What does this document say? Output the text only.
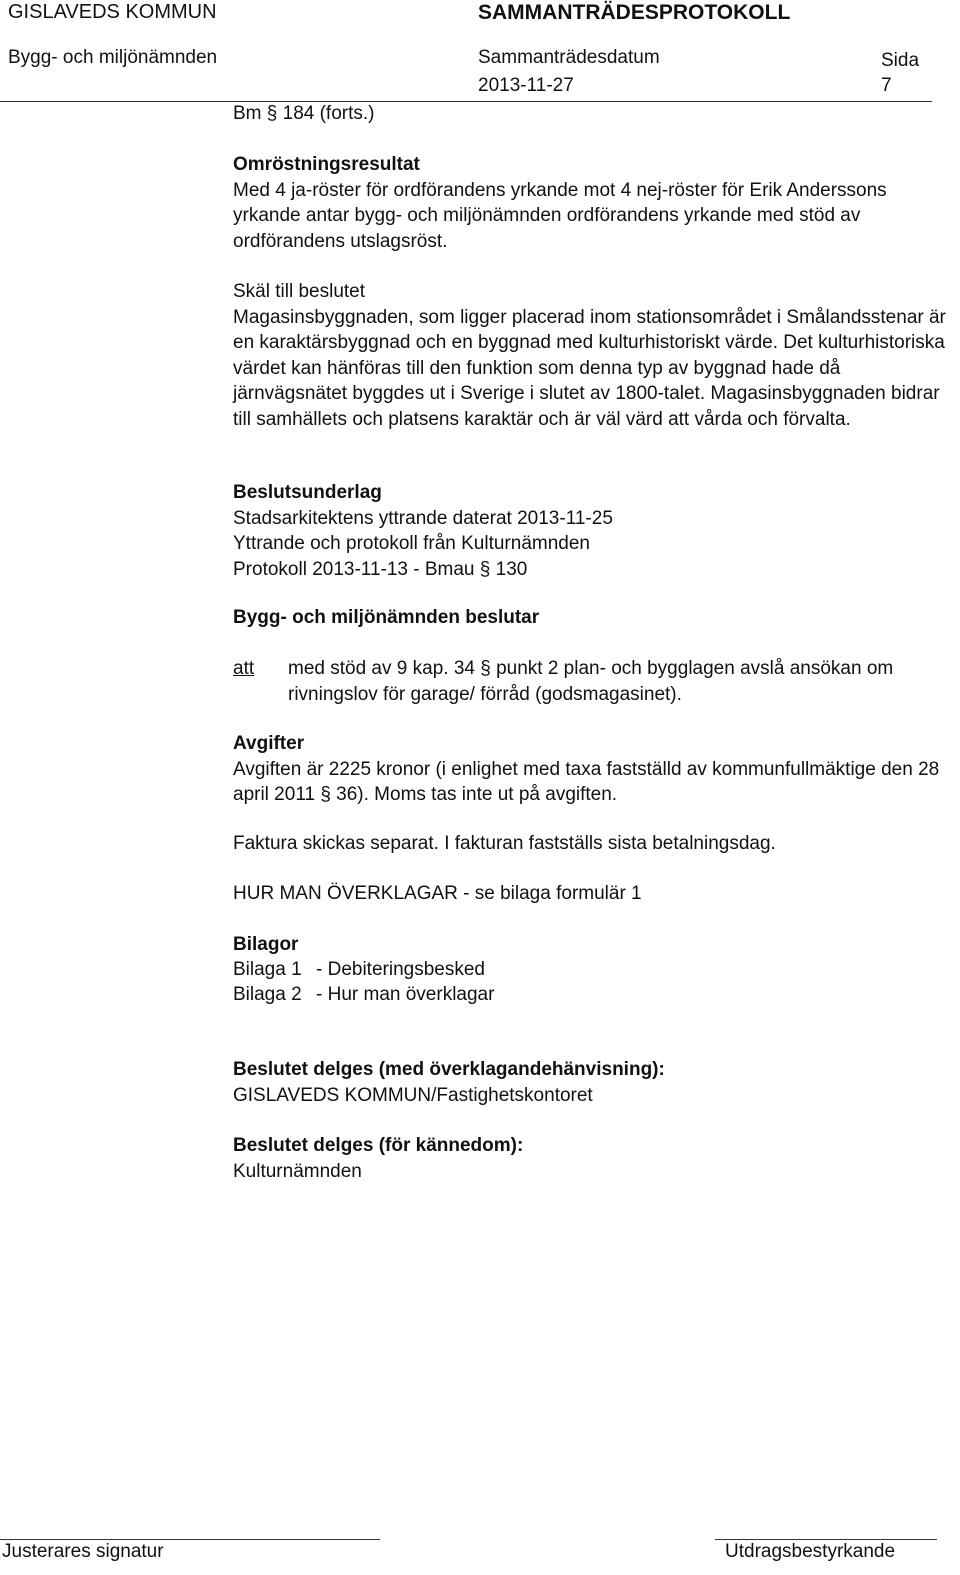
GISLAVEDS KOMMUN	SAMMANTRÄDESPROTOKOLL
Bygg- och miljönämnden	Sammanträdesdatum
2013-11-27
Sida
7
Bm § 184 (forts.)

Omröstningsresultat

Med 4 ja-röster för ordförandens yrkande mot 4 nej-röster för Erik Anderssons yrkande antar bygg- och miljönämnden ordförandens yrkande med stöd av ordförandens utslagsröst.

Skäl till beslutet

Magasinsbyggnaden, som ligger placerad inom stationsområdet i Smålandsstenar är en karaktärsbyggnad och en byggnad med kulturhistoriskt värde. Det kulturhistoriska värdet kan hänföras till den funktion som denna typ av byggnad hade då järnvägsnätet byggdes ut i Sverige i slutet av 1800-talet. Magasinsbyggnaden bidrar till samhällets och platsens karaktär och är väl värd att vårda och förvalta.

Beslutsunderlag

Stadsarkitektens yttrande daterat 2013-11-25

Yttrande och protokoll från Kulturnämnden

Protokoll 2013-11-13 - Bmau § 130

Bygg- och miljönämnden beslutar

att med stöd av 9 kap. 34 § punkt 2 plan- och bygglagen avslå ansökan om rivningslov för garage/ förråd (godsmagasinet).

Avgifter

Avgiften är 2225 kronor (i enlighet med taxa fastställd av kommunfullmäktige den 28 april 2011 § 36). Moms tas inte ut på avgiften.

Faktura skickas separat. I fakturan fastställs sista betalningsdag.
HUR MAN ÖVERKLAGAR - se bilaga formulär 1

Bilagor

Bilaga 1 - Debiteringsbesked
Bilaga 2 - Hur man överklagar

Beslutet delges (med överklagandehänvisning):

GISLAVEDS KOMMUN/Fastighetskontoret

Beslutet delges (för kännedom):

Kulturnämnden

Justerares signatur	Utdragsbestyrkande
